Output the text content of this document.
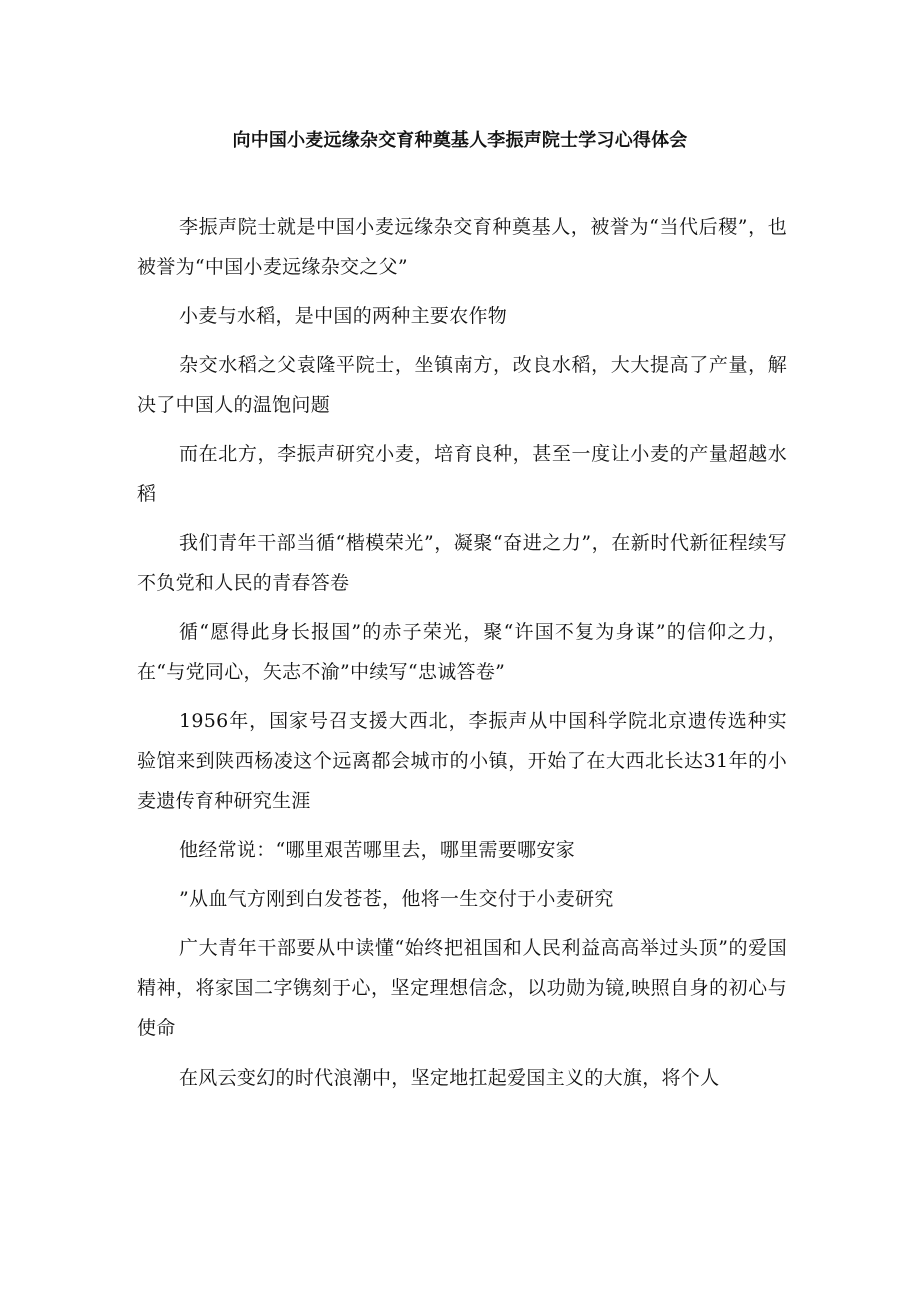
向中国小麦远缘杂交育种奠基人李振声院士学习心得体会

李振声院士就是中国小麦远缘杂交育种奠基人，被誉为“当代后稷”，也被誉为“中国小麦远缘杂交之父”

小麦与水稻，是中国的两种主要农作物

杂交水稻之父袁隆平院士，坐镇南方，改良水稻，大大提高了产量，解决了中国人的温饱问题

而在北方，李振声研究小麦，培育良种，甚至一度让小麦的产量超越水稻

我们青年干部当循“楷模荣光”，凝聚“奋进之力”，在新时代新征程续写不负党和人民的青春答卷

循“愿得此身长报国”的赤子荣光，聚“许国不复为身谋”的信仰之力，在“与党同心，矢志不渝”中续写“忠诚答卷”

1956年，国家号召支援大西北，李振声从中国科学院北京遗传选种实验馆来到陕西杨凌这个远离都会城市的小镇，开始了在大西北长达31年的小麦遗传育种研究生涯

他经常说：“哪里艰苦哪里去，哪里需要哪安家

”从血气方刚到白发苍苍，他将一生交付于小麦研究

广大青年干部要从中读懂“始终把祖国和人民利益高高举过头顶”的爱国精神，将家国二字镌刻于心，坚定理想信念，以功勋为镜,映照自身的初心与使命

在风云变幻的时代浪潮中，坚定地扛起爱国主义的大旗，将个人
